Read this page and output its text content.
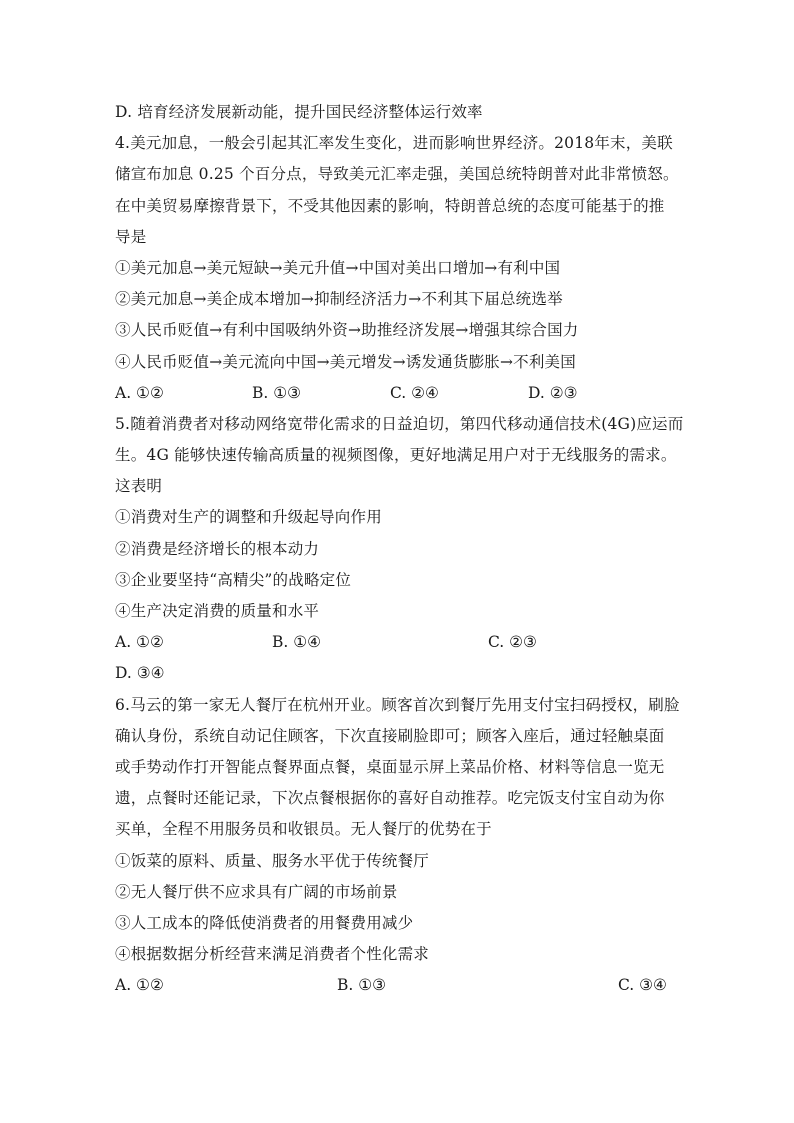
D. 培育经济发展新动能，提升国民经济整体运行效率
4.美元加息，一般会引起其汇率发生变化，进而影响世界经济。2018年末，美联
储宣布加息 0.25 个百分点，导致美元汇率走强，美国总统特朗普对此非常愤怒。
在中美贸易摩擦背景下，不受其他因素的影响，特朗普总统的态度可能基于的推
导是
①美元加息→美元短缺→美元升值→中国对美出口增加→有利中国
②美元加息→美企成本增加→抑制经济活力→不利其下届总统选举
③人民币贬值→有利中国吸纳外资→助推经济发展→增强其综合国力
④人民币贬值→美元流向中国→美元增发→诱发通货膨胀→不利美国
A. ①②	B. ①③	C. ②④	D. ②③
5.随着消费者对移动网络宽带化需求的日益迫切，第四代移动通信技术(4G)应运而
生。4G 能够快速传输高质量的视频图像，更好地满足用户对于无线服务的需求。
这表明
①消费对生产的调整和升级起导向作用
②消费是经济增长的根本动力
③企业要坚持“高精尖”的战略定位
④生产决定消费的质量和水平
A. ①②	B. ①④	C. ②③
D. ③④
6.马云的第一家无人餐厅在杭州开业。顾客首次到餐厅先用支付宝扫码授权，刷脸
确认身份，系统自动记住顾客，下次直接刷脸即可；顾客入座后，通过轻触桌面
或手势动作打开智能点餐界面点餐，桌面显示屏上菜品价格、材料等信息一览无
遗，点餐时还能记录，下次点餐根据你的喜好自动推荐。吃完饭支付宝自动为你
买单，全程不用服务员和收银员。无人餐厅的优势在于
①饭菜的原料、质量、服务水平优于传统餐厅
②无人餐厅供不应求具有广阔的市场前景
③人工成本的降低使消费者的用餐费用减少
④根据数据分析经营来满足消费者个性化需求
A. ①②	B. ①③	C. ③④
